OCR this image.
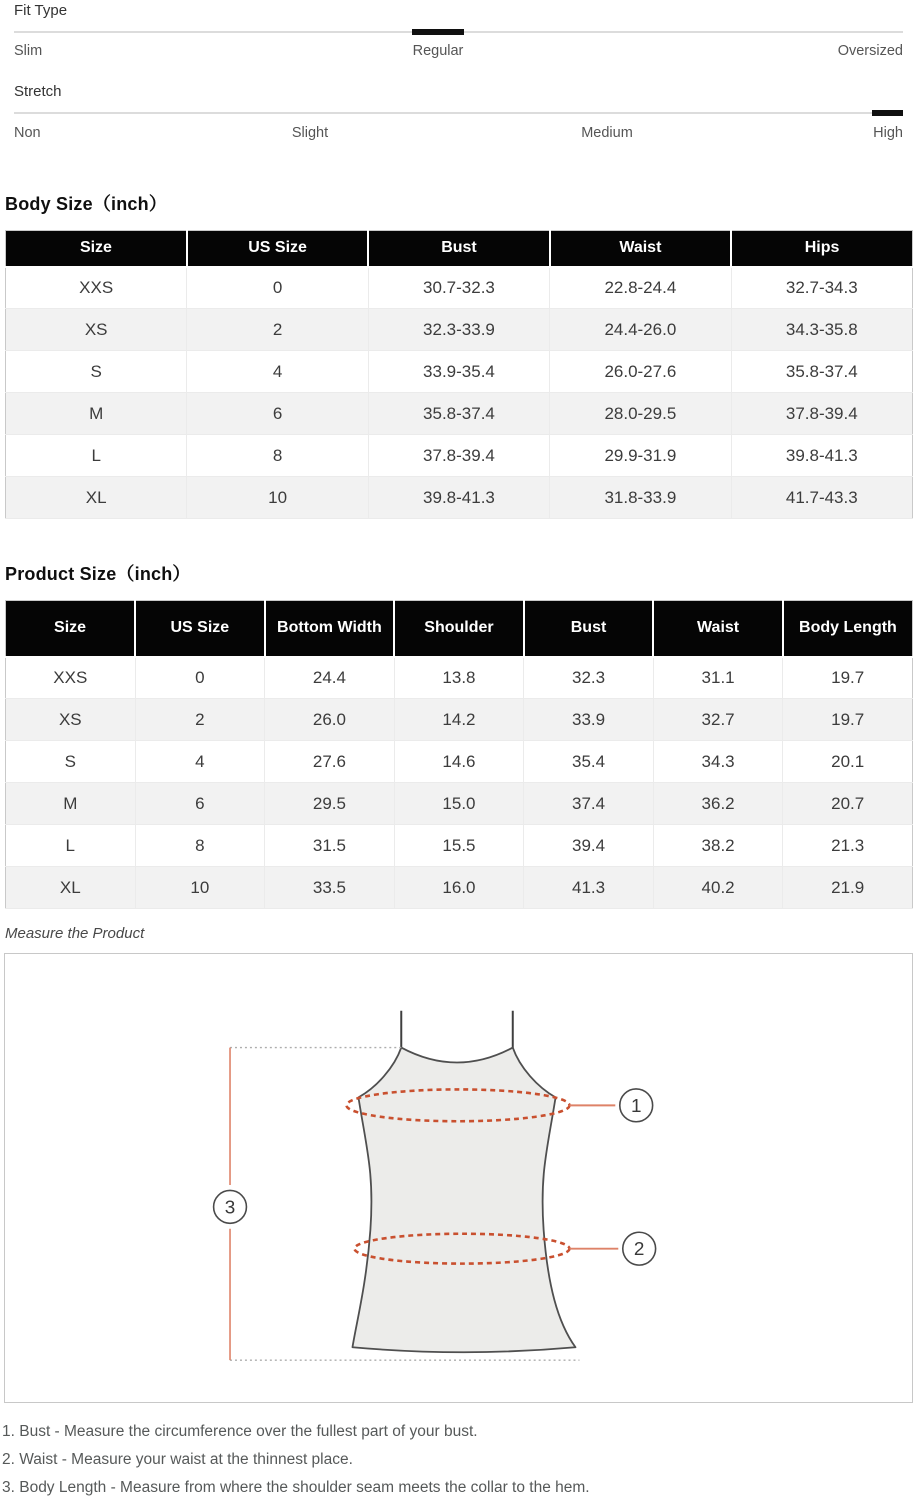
Fit Type
Slim	Regular	Oversized
Stretch
Non	Slight	Medium	High
Body Size（inch）
Size	US Size	Bust	Waist	Hips
XXS	0	30.7-32.3	22.8-24.4	32.7-34.3
XS	2	32.3-33.9	24.4-26.0	34.3-35.8
S	4	33.9-35.4	26.0-27.6	35.8-37.4
M	6	35.8-37.4	28.0-29.5	37.8-39.4
L	8	37.8-39.4	29.9-31.9	39.8-41.3
XL	10	39.8-41.3	31.8-33.9	41.7-43.3
Product Size（inch）
Size	US Size	Bottom Width	Shoulder	Bust	Waist	Body Length
XXS	0	24.4	13.8	32.3	31.1	19.7
XS	2	26.0	14.2	33.9	32.7	19.7
S	4	27.6	14.6	35.4	34.3	20.1
M	6	29.5	15.0	37.4	36.2	20.7
L	8	31.5	15.5	39.4	38.2	21.3
XL	10	33.5	16.0	41.3	40.2	21.9
Measure the Product
1
2
3
1. Bust - Measure the circumference over the fullest part of your bust.
2. Waist - Measure your waist at the thinnest place.
3. Body Length - Measure from where the shoulder seam meets the collar to the hem.
